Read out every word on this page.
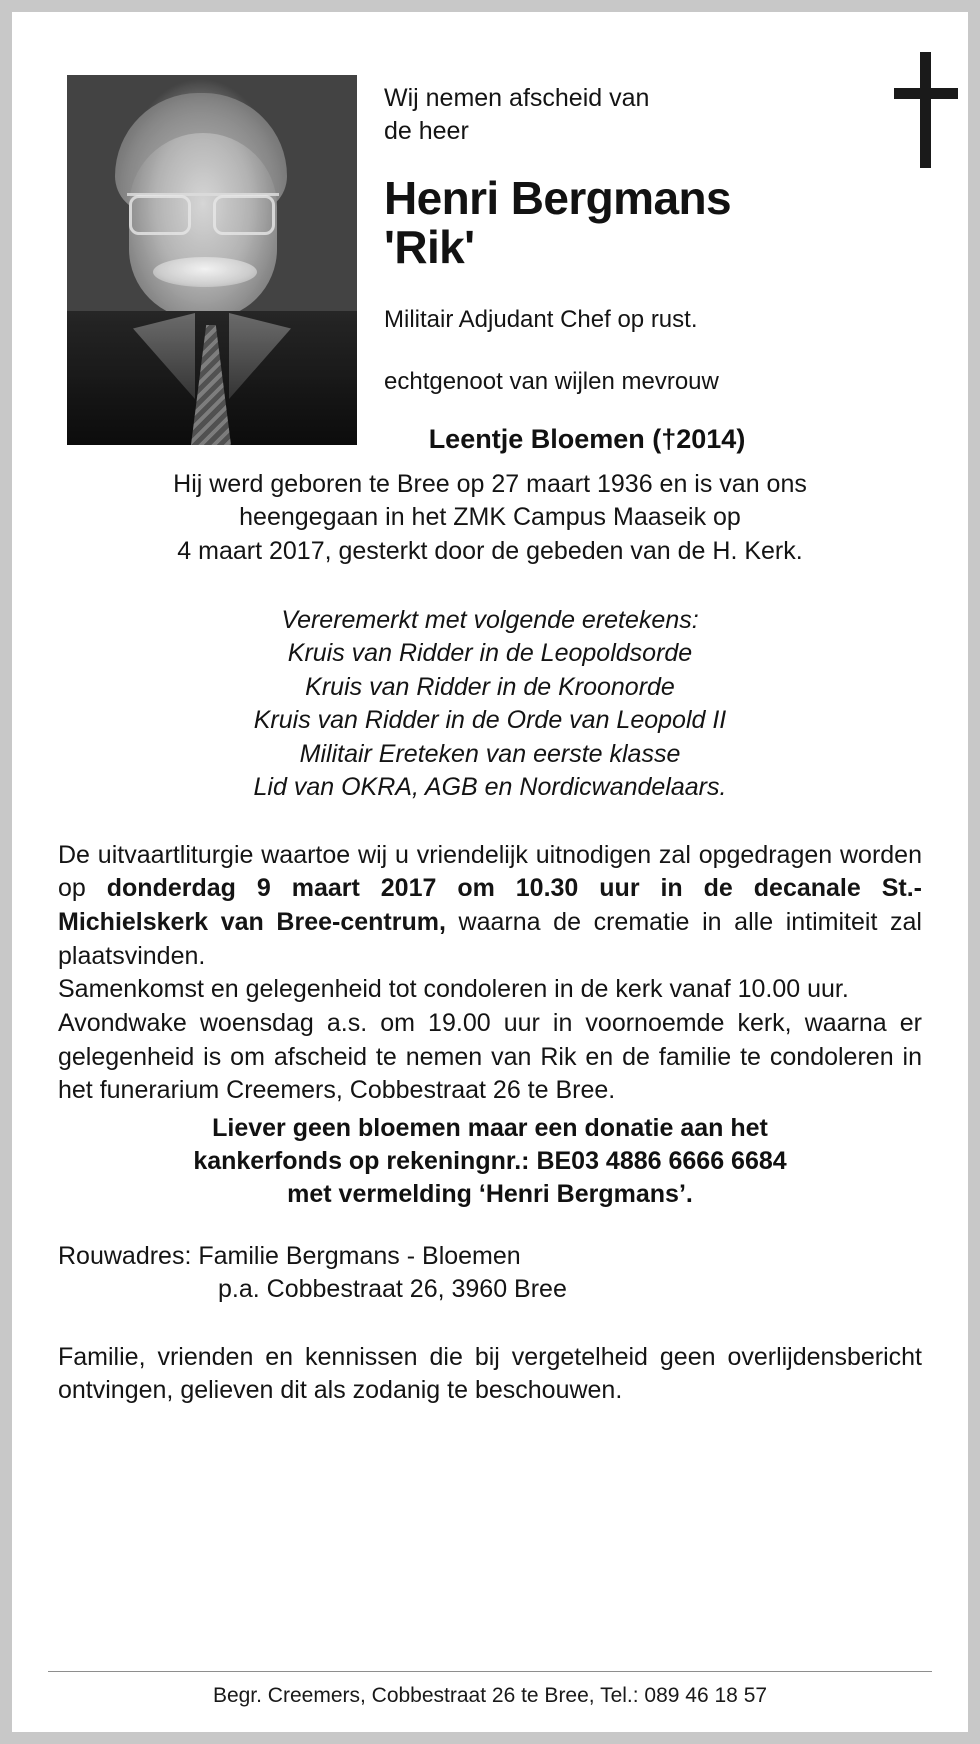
Wij nemen afscheid van
de heer
Henri Bergmans
'Rik'
Militair Adjudant Chef op rust.
echtgenoot van wijlen mevrouw
Leentje Bloemen (†2014)
Hij werd geboren te Bree op 27 maart 1936 en is van ons
heengegaan in het ZMK Campus Maaseik op
4 maart 2017, gesterkt door de gebeden van de H. Kerk.
Vereremerkt met volgende eretekens:
Kruis van Ridder in de Leopoldsorde
Kruis van Ridder in de Kroonorde
Kruis van Ridder in de Orde van Leopold II
Militair Ereteken van eerste klasse
Lid van OKRA, AGB en Nordicwandelaars.

De uitvaartliturgie waartoe wij u vriendelijk uitnodigen zal opgedragen worden op donderdag 9 maart 2017 om 10.30 uur in de decanale St.- Michielskerk van Bree-centrum, waarna de crematie in alle intimiteit zal plaatsvinden.

Samenkomst en gelegenheid tot condoleren in de kerk vanaf 10.00 uur.

Avondwake woensdag a.s. om 19.00 uur in voornoemde kerk, waarna er gelegenheid is om afscheid te nemen van Rik en de familie te condoleren in het funerarium Creemers, Cobbestraat 26 te Bree.

Liever geen bloemen maar een donatie aan het
kankerfonds op rekeningnr.: BE03 4886 6666 6684
met vermelding ‘Henri Bergmans’.
Rouwadres: Familie Bergmans - Bloemen
p.a. Cobbestraat 26, 3960 Bree
Familie, vrienden en kennissen die bij vergetelheid geen overlijdensbericht ontvingen, gelieven dit als zodanig te beschouwen.
Begr. Creemers, Cobbestraat 26 te Bree, Tel.: 089 46 18 57
